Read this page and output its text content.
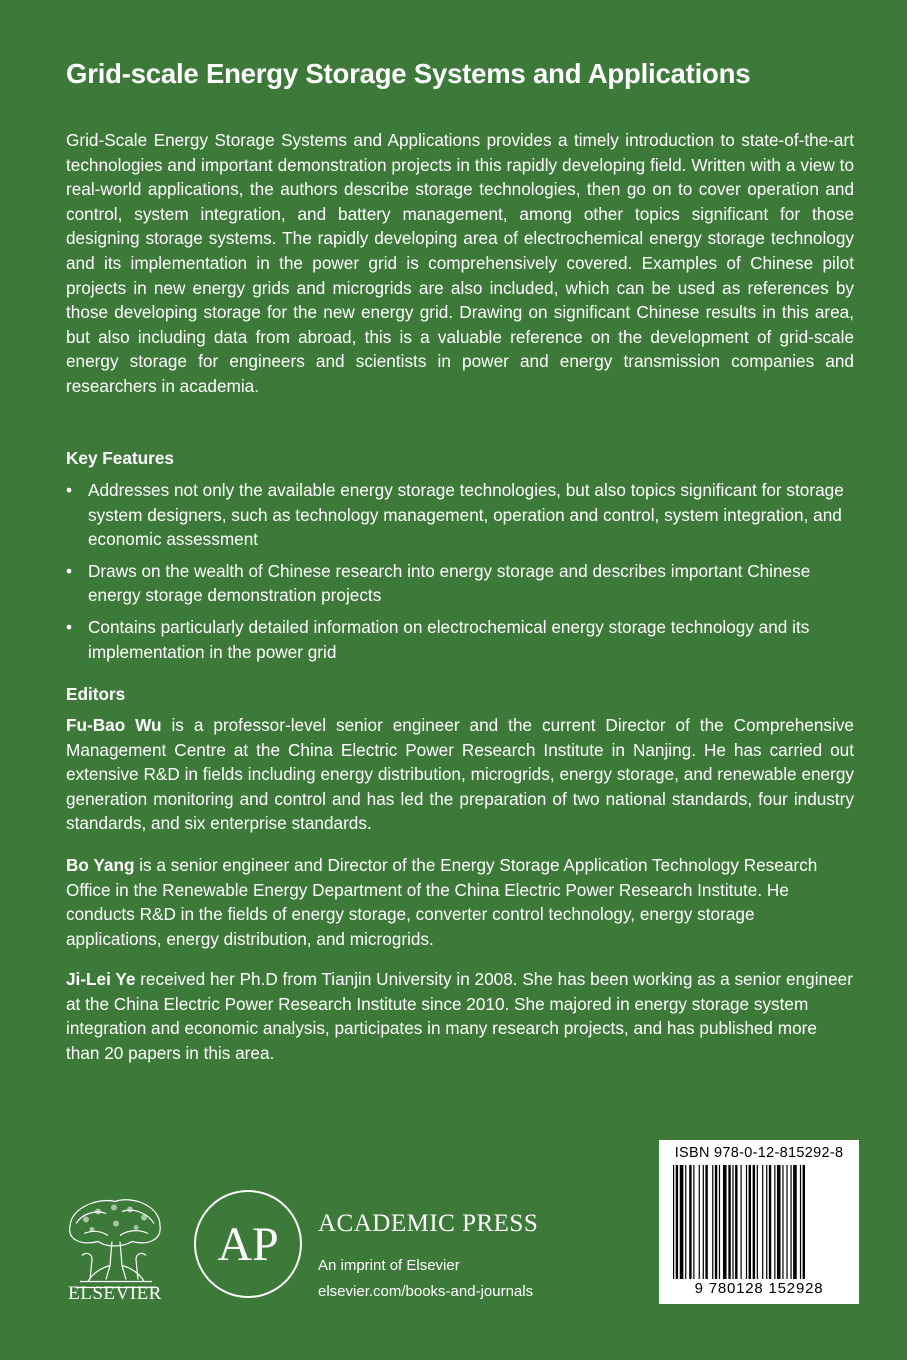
Grid-scale Energy Storage Systems and Applications

Grid-Scale Energy Storage Systems and Applications provides a timely introduction to state-of-the-art technologies and important demonstration projects in this rapidly developing field. Written with a view to real-world applications, the authors describe storage technologies, then go on to cover operation and control, system integration, and battery management, among other topics significant for those designing storage systems. The rapidly developing area of electrochemical energy storage technology and its implementation in the power grid is comprehensively covered. Examples of Chinese pilot projects in new energy grids and microgrids are also included, which can be used as references by those developing storage for the new energy grid. Drawing on significant Chinese results in this area, but also including data from abroad, this is a valuable reference on the development of grid-scale energy storage for engineers and scientists in power and energy transmission companies and researchers in academia.

Key Features
• Addresses not only the available energy storage technologies, but also topics significant for storage system designers, such as technology management, operation and control, system integration, and economic assessment
• Draws on the wealth of Chinese research into energy storage and describes important Chinese energy storage demonstration projects
• Contains particularly detailed information on electrochemical energy storage technology and its implementation in the power grid
Editors

Fu-Bao Wu is a professor-level senior engineer and the current Director of the Comprehensive Management Centre at the China Electric Power Research Institute in Nanjing. He has carried out extensive R&D in fields including energy distribution, microgrids, energy storage, and renewable energy generation monitoring and control and has led the preparation of two national standards, four industry standards, and six enterprise standards.

Bo Yang is a senior engineer and Director of the Energy Storage Application Technology Research Office in the Renewable Energy Department of the China Electric Power Research Institute. He conducts R&D in the fields of energy storage, converter control technology, energy storage applications, energy distribution, and microgrids.

Ji-Lei Ye received her Ph.D from Tianjin University in 2008. She has been working as a senior engineer at the China Electric Power Research Institute since 2010. She majored in energy storage system integration and economic analysis, participates in many research projects, and has published more than 20 papers in this area.

ELSEVIER
AP ACADEMIC PRESS
An imprint of Elsevier
elsevier.com/books-and-journals
ISBN 978-0-12-815292-8
9 780128 152928
